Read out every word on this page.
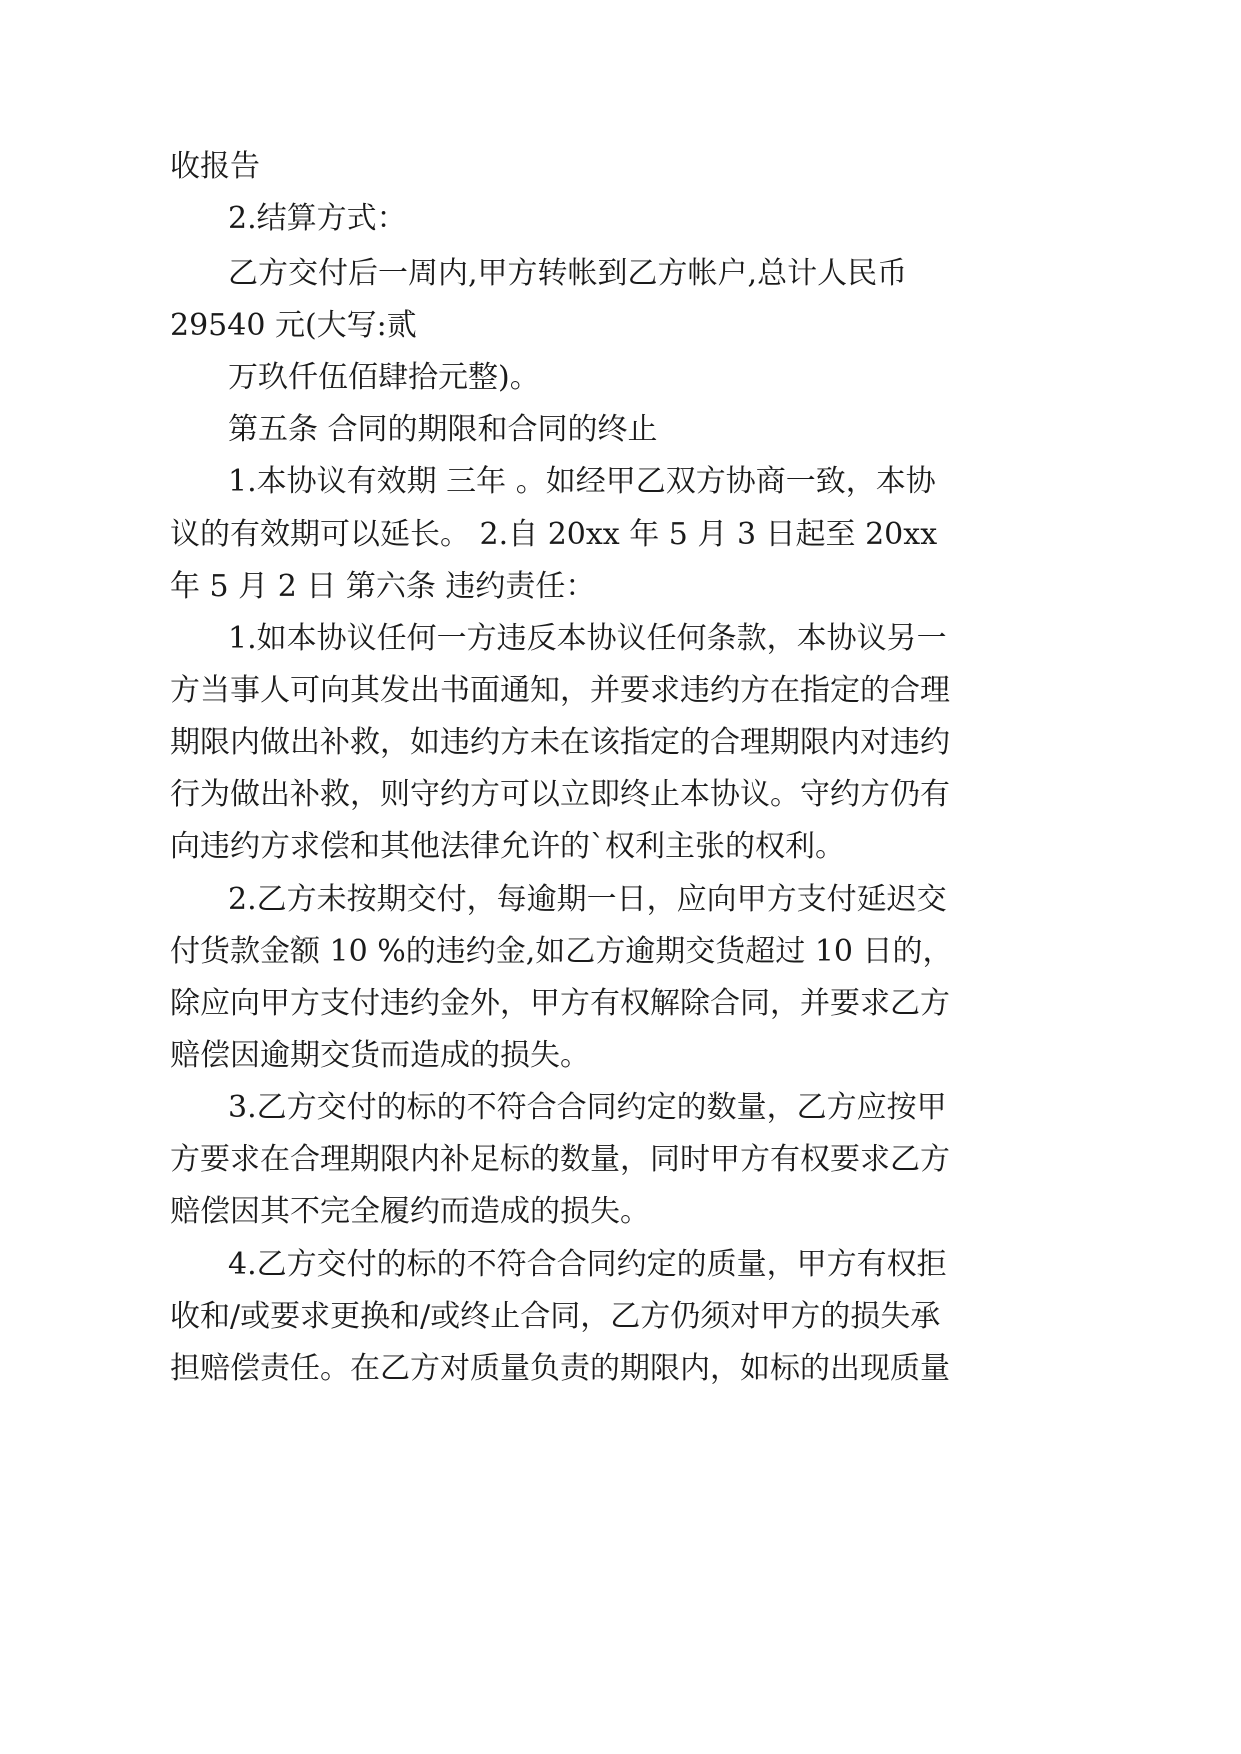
收报告
2.结算方式：
乙方交付后一周内,甲方转帐到乙方帐户,总计人民币
29540 元(大写:贰
万玖仟伍佰肆拾元整)。
第五条 合同的期限和合同的终止
1.本协议有效期 三年 。如经甲乙双方协商一致，本协
议的有效期可以延长。 2.自 20xx 年 5 月 3 日起至 20xx
年 5 月 2 日 第六条 违约责任：
1.如本协议任何一方违反本协议任何条款，本协议另一
方当事人可向其发出书面通知，并要求违约方在指定的合理
期限内做出补救，如违约方未在该指定的合理期限内对违约
行为做出补救，则守约方可以立即终止本协议。守约方仍有
向违约方求偿和其他法律允许的`权利主张的权利。
2.乙方未按期交付，每逾期一日，应向甲方支付延迟交
付货款金额 10 %的违约金,如乙方逾期交货超过 10 日的，
除应向甲方支付违约金外，甲方有权解除合同，并要求乙方
赔偿因逾期交货而造成的损失。
3.乙方交付的标的不符合合同约定的数量，乙方应按甲
方要求在合理期限内补足标的数量，同时甲方有权要求乙方
赔偿因其不完全履约而造成的损失。
4.乙方交付的标的不符合合同约定的质量，甲方有权拒
收和/或要求更换和/或终止合同，乙方仍须对甲方的损失承
担赔偿责任。在乙方对质量负责的期限内，如标的出现质量
